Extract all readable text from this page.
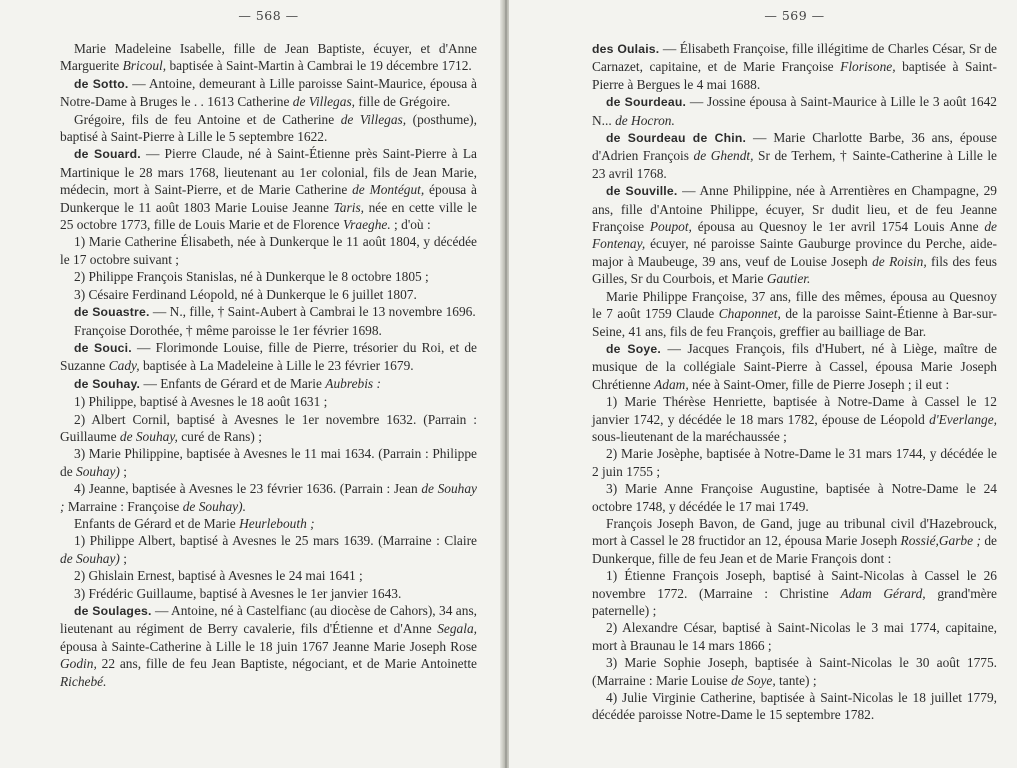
— 568 —

Marie Madeleine Isabelle, fille de Jean Baptiste, écuyer, et d'Anne Marguerite Bricoul, baptisée à Saint-Martin à Cambrai le 19 décembre 1712.

de Sotto. — Antoine, demeurant à Lille paroisse Saint-Maurice, épousa à Notre-Dame à Bruges le . . 1613 Catherine de Villegas, fille de Grégoire.

Grégoire, fils de feu Antoine et de Catherine de Villegas, (posthume), baptisé à Saint-Pierre à Lille le 5 septembre 1622.

de Souard. — Pierre Claude, né à Saint-Étienne près Saint-Pierre à La Martinique le 28 mars 1768, lieutenant au 1er colonial, fils de Jean Marie, médecin, mort à Saint-Pierre, et de Marie Catherine de Montégut, épousa à Dunkerque le 11 août 1803 Marie Louise Jeanne Taris, née en cette ville le 25 octobre 1773, fille de Louis Marie et de Florence Vraeghe. ; d'où :

1) Marie Catherine Élisabeth, née à Dunkerque le 11 août 1804, y décédée le 17 octobre suivant ;

2) Philippe François Stanislas, né à Dunkerque le 8 octobre 1805 ;

3) Césaire Ferdinand Léopold, né à Dunkerque le 6 juillet 1807.

de Souastre. — N., fille, † Saint-Aubert à Cambrai le 13 novembre 1696.

Françoise Dorothée, † même paroisse le 1er février 1698.

de Souci. — Florimonde Louise, fille de Pierre, trésorier du Roi, et de Suzanne Cady, baptisée à La Madeleine à Lille le 23 février 1679.

de Souhay. — Enfants de Gérard et de Marie Aubrebis :

1) Philippe, baptisé à Avesnes le 18 août 1631 ;

2) Albert Cornil, baptisé à Avesnes le 1er novembre 1632. (Parrain : Guillaume de Souhay, curé de Rans) ;

3) Marie Philippine, baptisée à Avesnes le 11 mai 1634. (Parrain : Philippe de Souhay) ;

4) Jeanne, baptisée à Avesnes le 23 février 1636. (Parrain : Jean de Souhay ; Marraine : Françoise de Souhay).

Enfants de Gérard et de Marie Heurlebouth ;

1) Philippe Albert, baptisé à Avesnes le 25 mars 1639. (Marraine : Claire de Souhay) ;

2) Ghislain Ernest, baptisé à Avesnes le 24 mai 1641 ;

3) Frédéric Guillaume, baptisé à Avesnes le 1er janvier 1643.

de Soulages. — Antoine, né à Castelfianc (au diocèse de Cahors), 34 ans, lieutenant au régiment de Berry cavalerie, fils d'Étienne et d'Anne Segala, épousa à Sainte-Catherine à Lille le 18 juin 1767 Jeanne Marie Joseph Rose Godin, 22 ans, fille de feu Jean Baptiste, négociant, et de Marie Antoinette Richebé.

— 569 —

des Oulais. — Élisabeth Françoise, fille illégitime de Charles César, Sr de Carnazet, capitaine, et de Marie Françoise Florisone, baptisée à Saint-Pierre à Bergues le 4 mai 1688.

de Sourdeau. — Jossine épousa à Saint-Maurice à Lille le 3 août 1642 N... de Hocron.

de Sourdeau de Chin. — Marie Charlotte Barbe, 36 ans, épouse d'Adrien François de Ghendt, Sr de Terhem, † Sainte-Catherine à Lille le 23 avril 1768.

de Souville. — Anne Philippine, née à Arrentières en Champagne, 29 ans, fille d'Antoine Philippe, écuyer, Sr dudit lieu, et de feu Jeanne Françoise Poupot, épousa au Quesnoy le 1er avril 1754 Louis Anne de Fontenay, écuyer, né paroisse Sainte Gauburge province du Perche, aide-major à Maubeuge, 39 ans, veuf de Louise Joseph de Roisin, fils des feus Gilles, Sr du Courbois, et Marie Gautier.

Marie Philippe Françoise, 37 ans, fille des mêmes, épousa au Quesnoy le 7 août 1759 Claude Chaponnet, de la paroisse Saint-Étienne à Bar-sur-Seine, 41 ans, fils de feu François, greffier au bailliage de Bar.

de Soye. — Jacques François, fils d'Hubert, né à Liège, maître de musique de la collégiale Saint-Pierre à Cassel, épousa Marie Joseph Chrétienne Adam, née à Saint-Omer, fille de Pierre Joseph ; il eut :

1) Marie Thérèse Henriette, baptisée à Notre-Dame à Cassel le 12 janvier 1742, y décédée le 18 mars 1782, épouse de Léopold d'Everlange, sous-lieutenant de la maréchaussée ;

2) Marie Josèphe, baptisée à Notre-Dame le 31 mars 1744, y décédée le 2 juin 1755 ;

3) Marie Anne Françoise Augustine, baptisée à Notre-Dame le 24 octobre 1748, y décédée le 17 mai 1749.

François Joseph Bavon, de Gand, juge au tribunal civil d'Hazebrouck, mort à Cassel le 28 fructidor an 12, épousa Marie Joseph Rossié,Garbe ; de Dunkerque, fille de feu Jean et de Marie François dont :

1) Étienne François Joseph, baptisé à Saint-Nicolas à Cassel le 26 novembre 1772. (Marraine : Christine Adam Gérard, grand'mère paternelle) ;

2) Alexandre César, baptisé à Saint-Nicolas le 3 mai 1774, capitaine, mort à Braunau le 14 mars 1866 ;

3) Marie Sophie Joseph, baptisée à Saint-Nicolas le 30 août 1775. (Marraine : Marie Louise de Soye, tante) ;

4) Julie Virginie Catherine, baptisée à Saint-Nicolas le 18 juillet 1779, décédée paroisse Notre-Dame le 15 septembre 1782.
